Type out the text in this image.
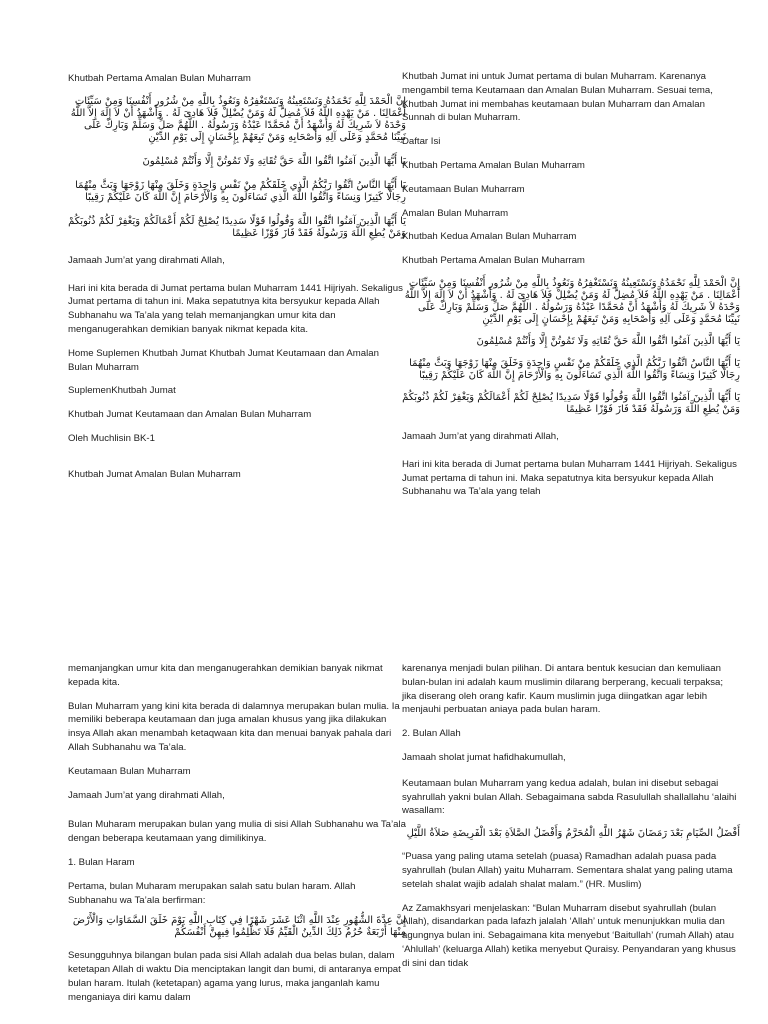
Khutbah Pertama Amalan Bulan Muharram

إِنَّ الْحَمْدَ لِلَّهِ نَحْمَدُهُ وَنَسْتَعِينُهُ وَنَسْتَغْفِرُهُ وَنَعُوذُ بِاللَّهِ مِنْ شُرُورِ أَنْفُسِنَا وَمِنْ سَيِّئَاتِ أَعْمَالِنَا . مَنْ يَهْدِهِ اللَّهُ فَلاَ مُضِلَّ لَهُ وَمَنْ يُضْلِلْ فَلاَ هَادِىَ لَهُ . وَأَشْهَدُ أَنْ لاَ إِلَهَ إِلاَّ اللَّهُ وَحْدَهُ لاَ شَرِيكَ لَهُ وَأَشْهَدُ أَنَّ مُحَمَّدًا عَبْدُهُ وَرَسُولُهُ . اللَّهُمَّ صَلِّ وَسَلِّمْ وَبَارِكْ عَلَى نَبِيِّنَا مُحَمَّدٍ وَعَلَى آلِهِ وَأَصْحَابِهِ وَمَنْ تَبِعَهُمْ بِإِحْسَانٍ إِلَى يَوْمِ الدِّيْنِ

يَا أَيُّهَا الَّذِينَ آمَنُوا اتَّقُوا اللَّهَ حَقَّ تُقَاتِهِ وَلَا تَمُوتُنَّ إِلَّا وَأَنْتُمْ مُسْلِمُونَ

يَا أَيُّهَا النَّاسُ اتَّقُوا رَبَّكُمُ الَّذِي خَلَقَكُمْ مِنْ نَفْسٍ وَاحِدَةٍ وَخَلَقَ مِنْهَا زَوْجَهَا وَبَثَّ مِنْهُمَا رِجَالًا كَثِيرًا وَنِسَاءً وَاتَّقُوا اللَّهَ الَّذِي تَسَاءَلُونَ بِهِ وَالْأَرْحَامَ إِنَّ اللَّهَ كَانَ عَلَيْكُمْ رَقِيبًا

يَا أَيُّهَا الَّذِينَ آمَنُوا اتَّقُوا اللَّهَ وَقُولُوا قَوْلًا سَدِيدًا يُصْلِحْ لَكُمْ أَعْمَالَكُمْ وَيَغْفِرْ لَكُمْ ذُنُوبَكُمْ وَمَنْ يُطِعِ اللَّهَ وَرَسُولَهُ فَقَدْ فَازَ فَوْزًا عَظِيمًا

Jamaah Jum’at yang dirahmati Allah,

Hari ini kita berada di Jumat pertama bulan Muharram 1441 Hijriyah. Sekaligus Jumat pertama di tahun ini. Maka sepatutnya kita bersyukur kepada Allah Subhanahu wa Ta’ala yang telah memanjangkan umur kita dan menganugerahkan demikian banyak nikmat kepada kita.

Home Suplemen Khutbah Jumat Khutbah Jumat Keutamaan dan Amalan Bulan Muharram

SuplemenKhutbah Jumat

Khutbah Jumat Keutamaan dan Amalan Bulan Muharram

Oleh Muchlisin BK-1

Khutbah Jumat Amalan Bulan Muharram

Khutbah Jumat ini untuk Jumat pertama di bulan Muharram. Karenanya mengambil tema Keutamaan dan Amalan Bulan Muharram. Sesuai tema, Khutbah Jumat ini membahas keutamaan bulan Muharram dan Amalan Sunnah di bulan Muharram.

Daftar Isi

Khutbah Pertama Amalan Bulan Muharram

Keutamaan Bulan Muharram

Amalan Bulan Muharram

Khutbah Kedua Amalan Bulan Muharram

Khutbah Pertama Amalan Bulan Muharram

إِنَّ الْحَمْدَ لِلَّهِ نَحْمَدُهُ وَنَسْتَعِينُهُ وَنَسْتَغْفِرُهُ وَنَعُوذُ بِاللَّهِ مِنْ شُرُورِ أَنْفُسِنَا وَمِنْ سَيِّئَاتِ أَعْمَالِنَا . مَنْ يَهْدِهِ اللَّهُ فَلاَ مُضِلَّ لَهُ وَمَنْ يُضْلِلْ فَلاَ هَادِىَ لَهُ . وَأَشْهَدُ أَنْ لاَ إِلَهَ إِلاَّ اللَّهُ وَحْدَهُ لاَ شَرِيكَ لَهُ وَأَشْهَدُ أَنَّ مُحَمَّدًا عَبْدُهُ وَرَسُولُهُ . اللَّهُمَّ صَلِّ وَسَلِّمْ وَبَارِكْ عَلَى نَبِيِّنَا مُحَمَّدٍ وَعَلَى آلِهِ وَأَصْحَابِهِ وَمَنْ تَبِعَهُمْ بِإِحْسَانٍ إِلَى يَوْمِ الدِّيْنِ

يَا أَيُّهَا الَّذِينَ آمَنُوا اتَّقُوا اللَّهَ حَقَّ تُقَاتِهِ وَلَا تَمُوتُنَّ إِلَّا وَأَنْتُمْ مُسْلِمُونَ

يَا أَيُّهَا النَّاسُ اتَّقُوا رَبَّكُمُ الَّذِي خَلَقَكُمْ مِنْ نَفْسٍ وَاحِدَةٍ وَخَلَقَ مِنْهَا زَوْجَهَا وَبَثَّ مِنْهُمَا رِجَالًا كَثِيرًا وَنِسَاءً وَاتَّقُوا اللَّهَ الَّذِي تَسَاءَلُونَ بِهِ وَالْأَرْحَامَ إِنَّ اللَّهَ كَانَ عَلَيْكُمْ رَقِيبًا

يَا أَيُّهَا الَّذِينَ آمَنُوا اتَّقُوا اللَّهَ وَقُولُوا قَوْلًا سَدِيدًا يُصْلِحْ لَكُمْ أَعْمَالَكُمْ وَيَغْفِرْ لَكُمْ ذُنُوبَكُمْ وَمَنْ يُطِعِ اللَّهَ وَرَسُولَهُ فَقَدْ فَازَ فَوْزًا عَظِيمًا

Jamaah Jum’at yang dirahmati Allah,

Hari ini kita berada di Jumat pertama bulan Muharram 1441 Hijriyah. Sekaligus Jumat pertama di tahun ini. Maka sepatutnya kita bersyukur kepada Allah Subhanahu wa Ta’ala yang telah

memanjangkan umur kita dan menganugerahkan demikian banyak nikmat kepada kita.

Bulan Muharram yang kini kita berada di dalamnya merupakan bulan mulia. Ia memiliki beberapa keutamaan dan juga amalan khusus yang jika dilakukan insya Allah akan menambah ketaqwaan kita dan menuai banyak pahala dari Allah Subhanahu wa Ta’ala.

Keutamaan Bulan Muharram

Jamaah Jum’at yang dirahmati Allah,

Bulan Muharam merupakan bulan yang mulia di sisi Allah Subhanahu wa Ta’ala dengan beberapa keutamaan yang dimilikinya.

1. Bulan Haram

Pertama, bulan Muharam merupakan salah satu bulan haram. Allah Subhanahu wa Ta’ala berfirman:

إِنَّ عِدَّةَ الشُّهُورِ عِنْدَ اللَّهِ اثْنَا عَشَرَ شَهْرًا فِي كِتَابِ اللَّهِ يَوْمَ خَلَقَ السَّمَاوَاتِ وَالْأَرْضَ مِنْهَا أَرْبَعَةٌ حُرُمٌ ذَلِكَ الدِّينُ الْقَيِّمُ فَلَا تَظْلِمُوا فِيهِنَّ أَنْفُسَكُمْ

Sesungguhnya bilangan bulan pada sisi Allah adalah dua belas bulan, dalam ketetapan Allah di waktu Dia menciptakan langit dan bumi, di antaranya empat bulan haram. Itulah (ketetapan) agama yang lurus, maka janganlah kamu menganiaya diri kamu dalam

karenanya menjadi bulan pilihan. Di antara bentuk kesucian dan kemuliaan bulan-bulan ini adalah kaum muslimin dilarang berperang, kecuali terpaksa; jika diserang oleh orang kafir. Kaum muslimin juga diingatkan agar lebih menjauhi perbuatan aniaya pada bulan haram.

2. Bulan Allah

Jamaah sholat jumat hafidhakumullah,

Keutamaan bulan Muharram yang kedua adalah, bulan ini disebut sebagai syahrullah yakni bulan Allah. Sebagaimana sabda Rasulullah shallallahu ‘alaihi wasallam:

أَفْضَلُ الصِّيَامِ بَعْدَ رَمَضَانَ شَهْرُ اللَّهِ الْمُحَرَّمُ وَأَفْضَلُ الصَّلاَةِ بَعْدَ الْفَرِيضَةِ صَلاَةُ اللَّيْلِ

“Puasa yang paling utama setelah (puasa) Ramadhan adalah puasa pada syahrullah (bulan Allah) yaitu Muharram. Sementara shalat yang paling utama setelah shalat wajib adalah shalat malam.” (HR. Muslim)

Az Zamakhsyari menjelaskan: “Bulan Muharram disebut syahrullah (bulan Allah), disandarkan pada lafazh jalalah ‘Allah’ untuk menunjukkan mulia dan agungnya bulan ini. Sebagaimana kita menyebut ‘Baitullah’ (rumah Allah) atau ‘Ahlullah’ (keluarga Allah) ketika menyebut Quraisy. Penyandaran yang khusus di sini dan tidak
